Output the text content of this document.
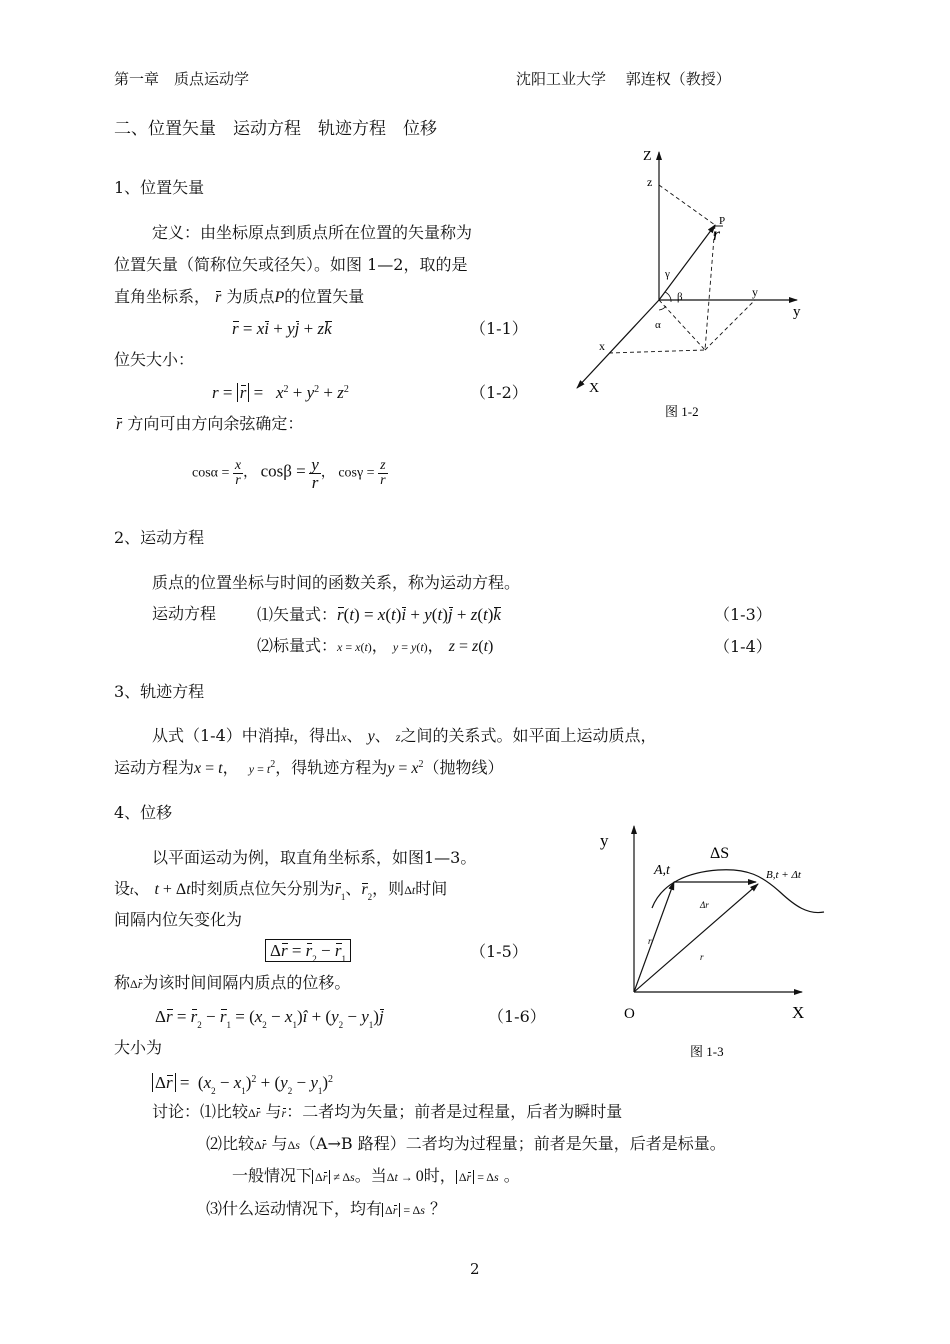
第一章　质点运动学	沈阳工业大学　 郭连权（教授）
二、位置矢量　运动方程　轨迹方程　位移
1、位置矢量
定义：由坐标原点到质点所在位置的矢量称为
位置矢量（简称位矢或径矢）。如图 1—2，取的是
直角坐标系， r 为质点P的位置矢量
r = xi + yj + zk	（1-1）
位矢大小：
$r = r = x^2 + y^2 + z^2$	（1-2）
r 方向可由方向余弦确定：
$\cos\alpha = \frac{x}{r}$ ， $\cos\beta = \frac{y}{r}$ ， $\cos\gamma = \frac{z}{r}$
Z
z
P
r
γ
β
α
y
y
x
X
图 1-2
2、运动方程
质点的位置坐标与时间的函数关系，称为运动方程。
运动方程	⑴矢量式：r(t) = x(t)i + y(t)j + z(t)k	（1-3）
⑵标量式：x = x(t)， y = y(t)， z = z(t)	（1-4）
3、轨迹方程
从式（1-4）中消掉t，得出x、 y、 z之间的关系式。如平面上运动质点，
运动方程为x = t，  $y = t^2$，得轨迹方程为$y = x^2$（抛物线）
4、位移
以平面运动为例，取直角坐标系，如图1—3。
设t、 t + Δt时刻质点位矢分别为$r_1$、$r_2$，则Δt时间
间隔内位矢变化为
$\Delta r = r_2 - r_1$	（1-5）
称Δr为该时间间隔内质点的位移。
$\Delta r = r_2 - r_1 = (x_2$ − $x_1)î + (y_2 - y_1)j$	（1-6）
大小为
$\Delta r = (x_2 - x_1)^2 + (y_2 - y_1)^2$
讨论：⑴比较Δr 与r：二者均为矢量；前者是过程量，后者为瞬时量
⑵比较Δr 与Δs（A→B 路程）二者均为过程量；前者是矢量，后者是标量。
一般情况下 Δr ≠ Δs。当Δt → 0时， Δr = Δs 。
⑶什么运动情况下，均有 Δr = Δs ？
y
X
O
ΔS
A,t	B,t + Δt
Δr
r
r
图 1-3
2
